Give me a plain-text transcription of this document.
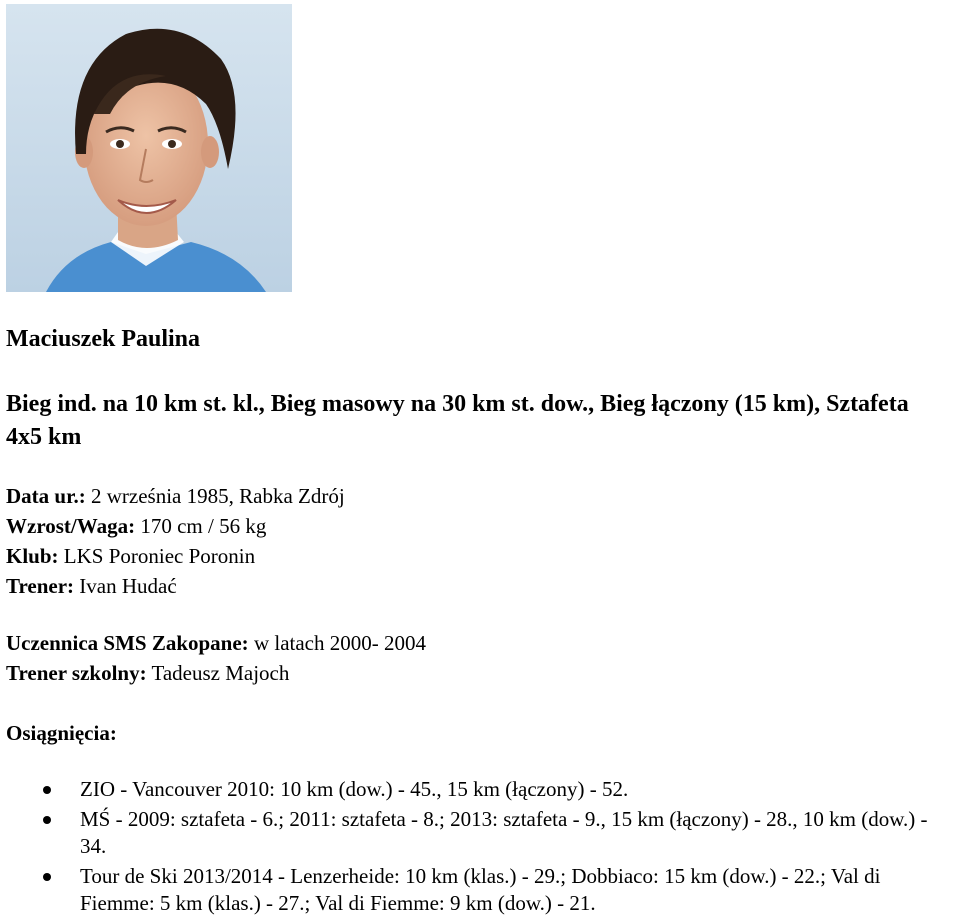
Maciuszek Paulina

Bieg ind. na 10 km st. kl., Bieg masowy na 30 km st. dow., Bieg łączony (15 km), Sztafeta 4x5 km

Data ur.: 2 września 1985, Rabka Zdrój
Wzrost/Waga: 170 cm / 56 kg
Klub: LKS Poroniec Poronin
Trener: Ivan Hudać
Uczennica SMS Zakopane: w latach 2000- 2004
Trener szkolny: Tadeusz Majoch
Osiągnięcia:
ZIO - Vancouver 2010: 10 km (dow.) - 45., 15 km (łączony) - 52.
MŚ - 2009: sztafeta - 6.; 2011: sztafeta - 8.; 2013: sztafeta - 9., 15 km (łączony) - 28., 10 km (dow.) - 34.
Tour de Ski 2013/2014 - Lenzerheide: 10 km (klas.) - 29.; Dobbiaco: 15 km (dow.) - 22.; Val di Fiemme: 5 km (klas.) - 27.; Val di Fiemme: 9 km (dow.) - 21.
